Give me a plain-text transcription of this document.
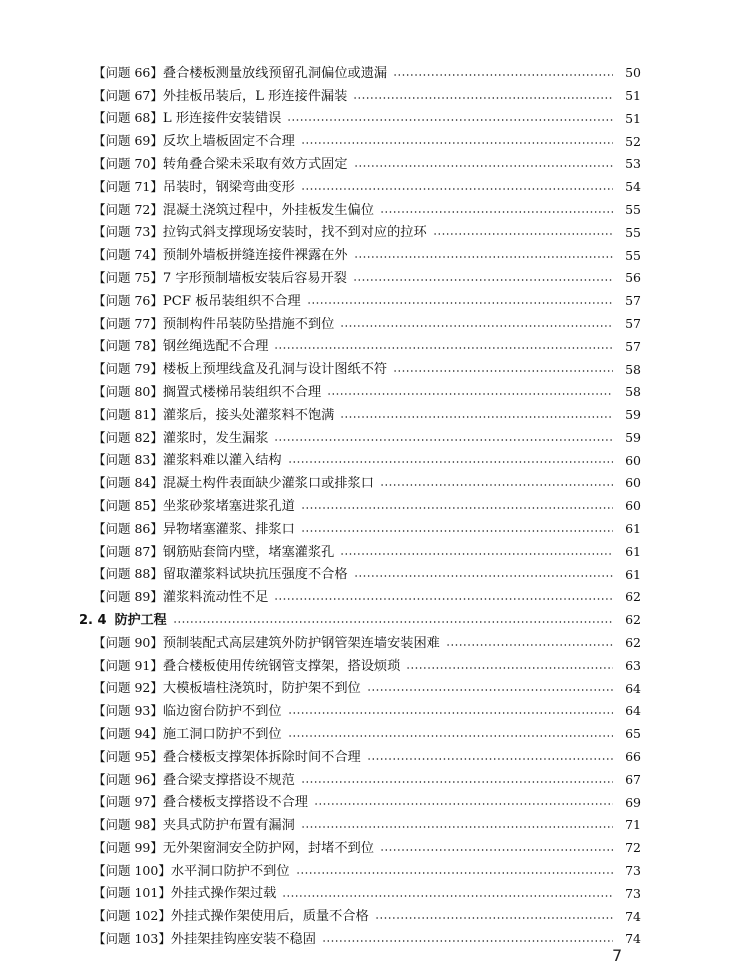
【问题 66】叠合楼板测量放线预留孔洞偏位或遗漏	50
【问题 67】外挂板吊装后，L 形连接件漏装	51
【问题 68】L 形连接件安装错误	51
【问题 69】反坎上墙板固定不合理	52
【问题 70】转角叠合梁未采取有效方式固定	53
【问题 71】吊装时，钢梁弯曲变形	54
【问题 72】混凝土浇筑过程中，外挂板发生偏位	55
【问题 73】拉钩式斜支撑现场安装时，找不到对应的拉环	55
【问题 74】预制外墙板拼缝连接件裸露在外	55
【问题 75】7 字形预制墙板安装后容易开裂	56
【问题 76】PCF 板吊装组织不合理	57
【问题 77】预制构件吊装防坠措施不到位	57
【问题 78】钢丝绳选配不合理	57
【问题 79】楼板上预埋线盒及孔洞与设计图纸不符	58
【问题 80】搁置式楼梯吊装组织不合理	58
【问题 81】灌浆后，接头处灌浆料不饱满	59
【问题 82】灌浆时，发生漏浆	59
【问题 83】灌浆料难以灌入结构	60
【问题 84】混凝土构件表面缺少灌浆口或排浆口	60
【问题 85】坐浆砂浆堵塞进浆孔道	60
【问题 86】异物堵塞灌浆、排浆口	61
【问题 87】钢筋贴套筒内壁，堵塞灌浆孔	61
【问题 88】留取灌浆料试块抗压强度不合格	61
【问题 89】灌浆料流动性不足	62
2. 4 防护工程	62
【问题 90】预制装配式高层建筑外防护钢管架连墙安装困难	62
【问题 91】叠合楼板使用传统钢管支撑架，搭设烦琐	63
【问题 92】大模板墙柱浇筑时，防护架不到位	64
【问题 93】临边窗台防护不到位	64
【问题 94】施工洞口防护不到位	65
【问题 95】叠合楼板支撑架体拆除时间不合理	66
【问题 96】叠合梁支撑搭设不规范	67
【问题 97】叠合楼板支撑搭设不合理	69
【问题 98】夹具式防护布置有漏洞	71
【问题 99】无外架窗洞安全防护网，封堵不到位	72
【问题 100】水平洞口防护不到位	73
【问题 101】外挂式操作架过载	73
【问题 102】外挂式操作架使用后，质量不合格	74
【问题 103】外挂架挂钩座安装不稳固	74
7
